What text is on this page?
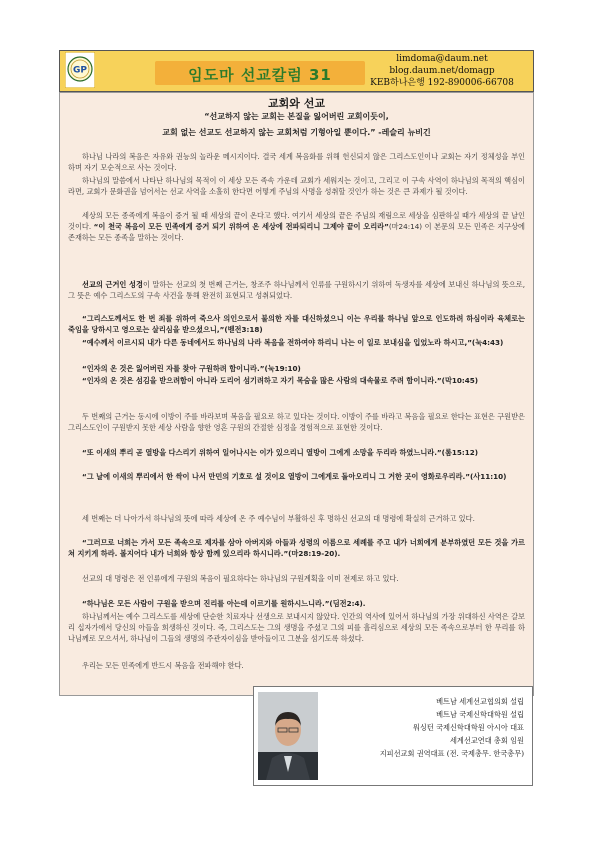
GP	임도마 선교칼럼 31
limdoma@daum.net
blog.daum.net/domagp
KEB하나은행 192-890006-66708
교회와 선교
“선교하지 않는 교회는 본질을 잃어버린 교회이듯이,
교회 없는 선교도 선교하지 않는 교회처럼 기형아일 뿐이다.” -레슬리 뉴비긴
하나님 나라의 복음은 자유와 권능의 놀라운 메시지이다. 결국 세계 복음화를 위해 헌신되지 않은 그리스도인이나 교회는 자기 정체성을 부인하며 자기 모순적으로 사는 것이다.
하나님의 말씀에서 나타난 하나님의 목적이 이 세상 모든 족속 가운데 교회가 세워지는 것이고, 그리고 이 구속 사역이 하나님의 목적의 핵심이라면, 교회가 문화권을 넘어서는 선교 사역을 소홀히 한다면 어떻게 주님의 사명을 성취할 것인가 하는 것은 큰 과제가 될 것이다.
세상의 모든 종족에게 복음이 증거 될 때 세상의 끝이 온다고 했다. 여기서 세상의 끝은 주님의 재림으로 세상을 심판하실 때가 세상의 끝 날인 것이다. “이 천국 복음이 모든 민족에게 증거 되기 위하여 온 세상에 전파되리니 그제야 끝이 오리라”(마24:14) 이 본문의 모든 민족은 지구상에 존재하는 모든 종족을 말하는 것이다.
선교의 근거인 성경이 말하는 선교의 첫 번째 근거는, 창조주 하나님께서 인류를 구원하시기 위하여 독생자를 세상에 보내신 하나님의 뜻으로, 그 뜻은 예수 그리스도의 구속 사건을 통해 완전히 표현되고 성취되었다.
“그리스도께서도 한 번 죄를 위하여 죽으사 의인으로서 불의한 자를 대신하셨으니 이는 우리를 하나님 앞으로 인도하려 하심이라 육체로는 죽임을 당하시고 영으로는 살리심을 받으셨으니,”(벧전3:18)
“예수께서 이르시되 내가 다른 동네에서도 하나님의 나라 복음을 전하여야 하리니 나는 이 일로 보내심을 입었노라 하시고,”(눅4:43)
“인자의 온 것은 잃어버린 자를 찾아 구원하려 함이니라.”(눅19:10)
“인자의 온 것은 섬김을 받으려함이 아니라 도리어 섬기려하고 자기 목숨을 많은 사람의 대속물로 주려 함이니라.”(막10:45)
두 번째의 근거는 동시에 이방이 주를 바라보며 복음을 필요로 하고 있다는 것이다. 이방이 주를 바라고 복음을 필요로 한다는 표현은 구원받은 그리스도인이 구원받지 못한 세상 사람을 향한 영혼 구원의 간절한 심정을 경험적으로 표현한 것이다.
“또 이새의 뿌리 곧 열방을 다스리기 위하여 일어나시는 이가 있으리니 열방이 그에게 소망을 두리라 하였느니라.”(롬15:12)
“그 날에 이새의 뿌리에서 한 싹이 나서 만민의 기호로 설 것이요 열방이 그에게로 돌아오리니 그 거한 곳이 영화로우리라.”(사11:10)
세 번째는 더 나아가서 하나님의 뜻에 따라 세상에 온 주 예수님이 부활하신 후 명하신 선교의 대 명령에 확실히 근거하고 있다.
“그러므로 너희는 가서 모든 족속으로 제자를 삼아 아버지와 아들과 성령의 이름으로 세례를 주고 내가 너희에게 분부하였던 모든 것을 가르쳐 지키게 하라. 볼지어다 내가 너희와 항상 함께 있으리라 하시니라.”(마28:19-20).
선교의 대 명령은 전 인류에게 구원의 복음이 필요하다는 하나님의 구원계획을 이미 전제로 하고 있다.
“하나님은 모든 사람이 구원을 받으며 진리를 아는데 이르기를 원하시느니라.”(딤전2:4).
하나님께서는 예수 그리스도를 세상에 단순한 치료자나 선생으로 보내시지 않았다. 인간의 역사에 있어서 하나님의 가장 위대하신 사역은 갈보리 십자가에서 당신의 아들을 희생하신 것이다. 즉, 그리스도는 그의 생명을 주셨고 그의 피를 흘리심으로 세상의 모든 족속으로부터 한 무리를 하나님께로 모으셔서, 하나님이 그들의 생명의 주관자이심을 받아들이고 그분을 섬기도록 하셨다.
우리는 모든 민족에게 반드시 복음을 전파해야 한다.
베트남 세계선교협의회 설립
베트남 국제신학대학원 설립
워싱턴 국제신학대학원 아시아 대표
세계선교연대 총회 임원
지피선교회 권역대표 (전. 국제총무. 한국총무)
